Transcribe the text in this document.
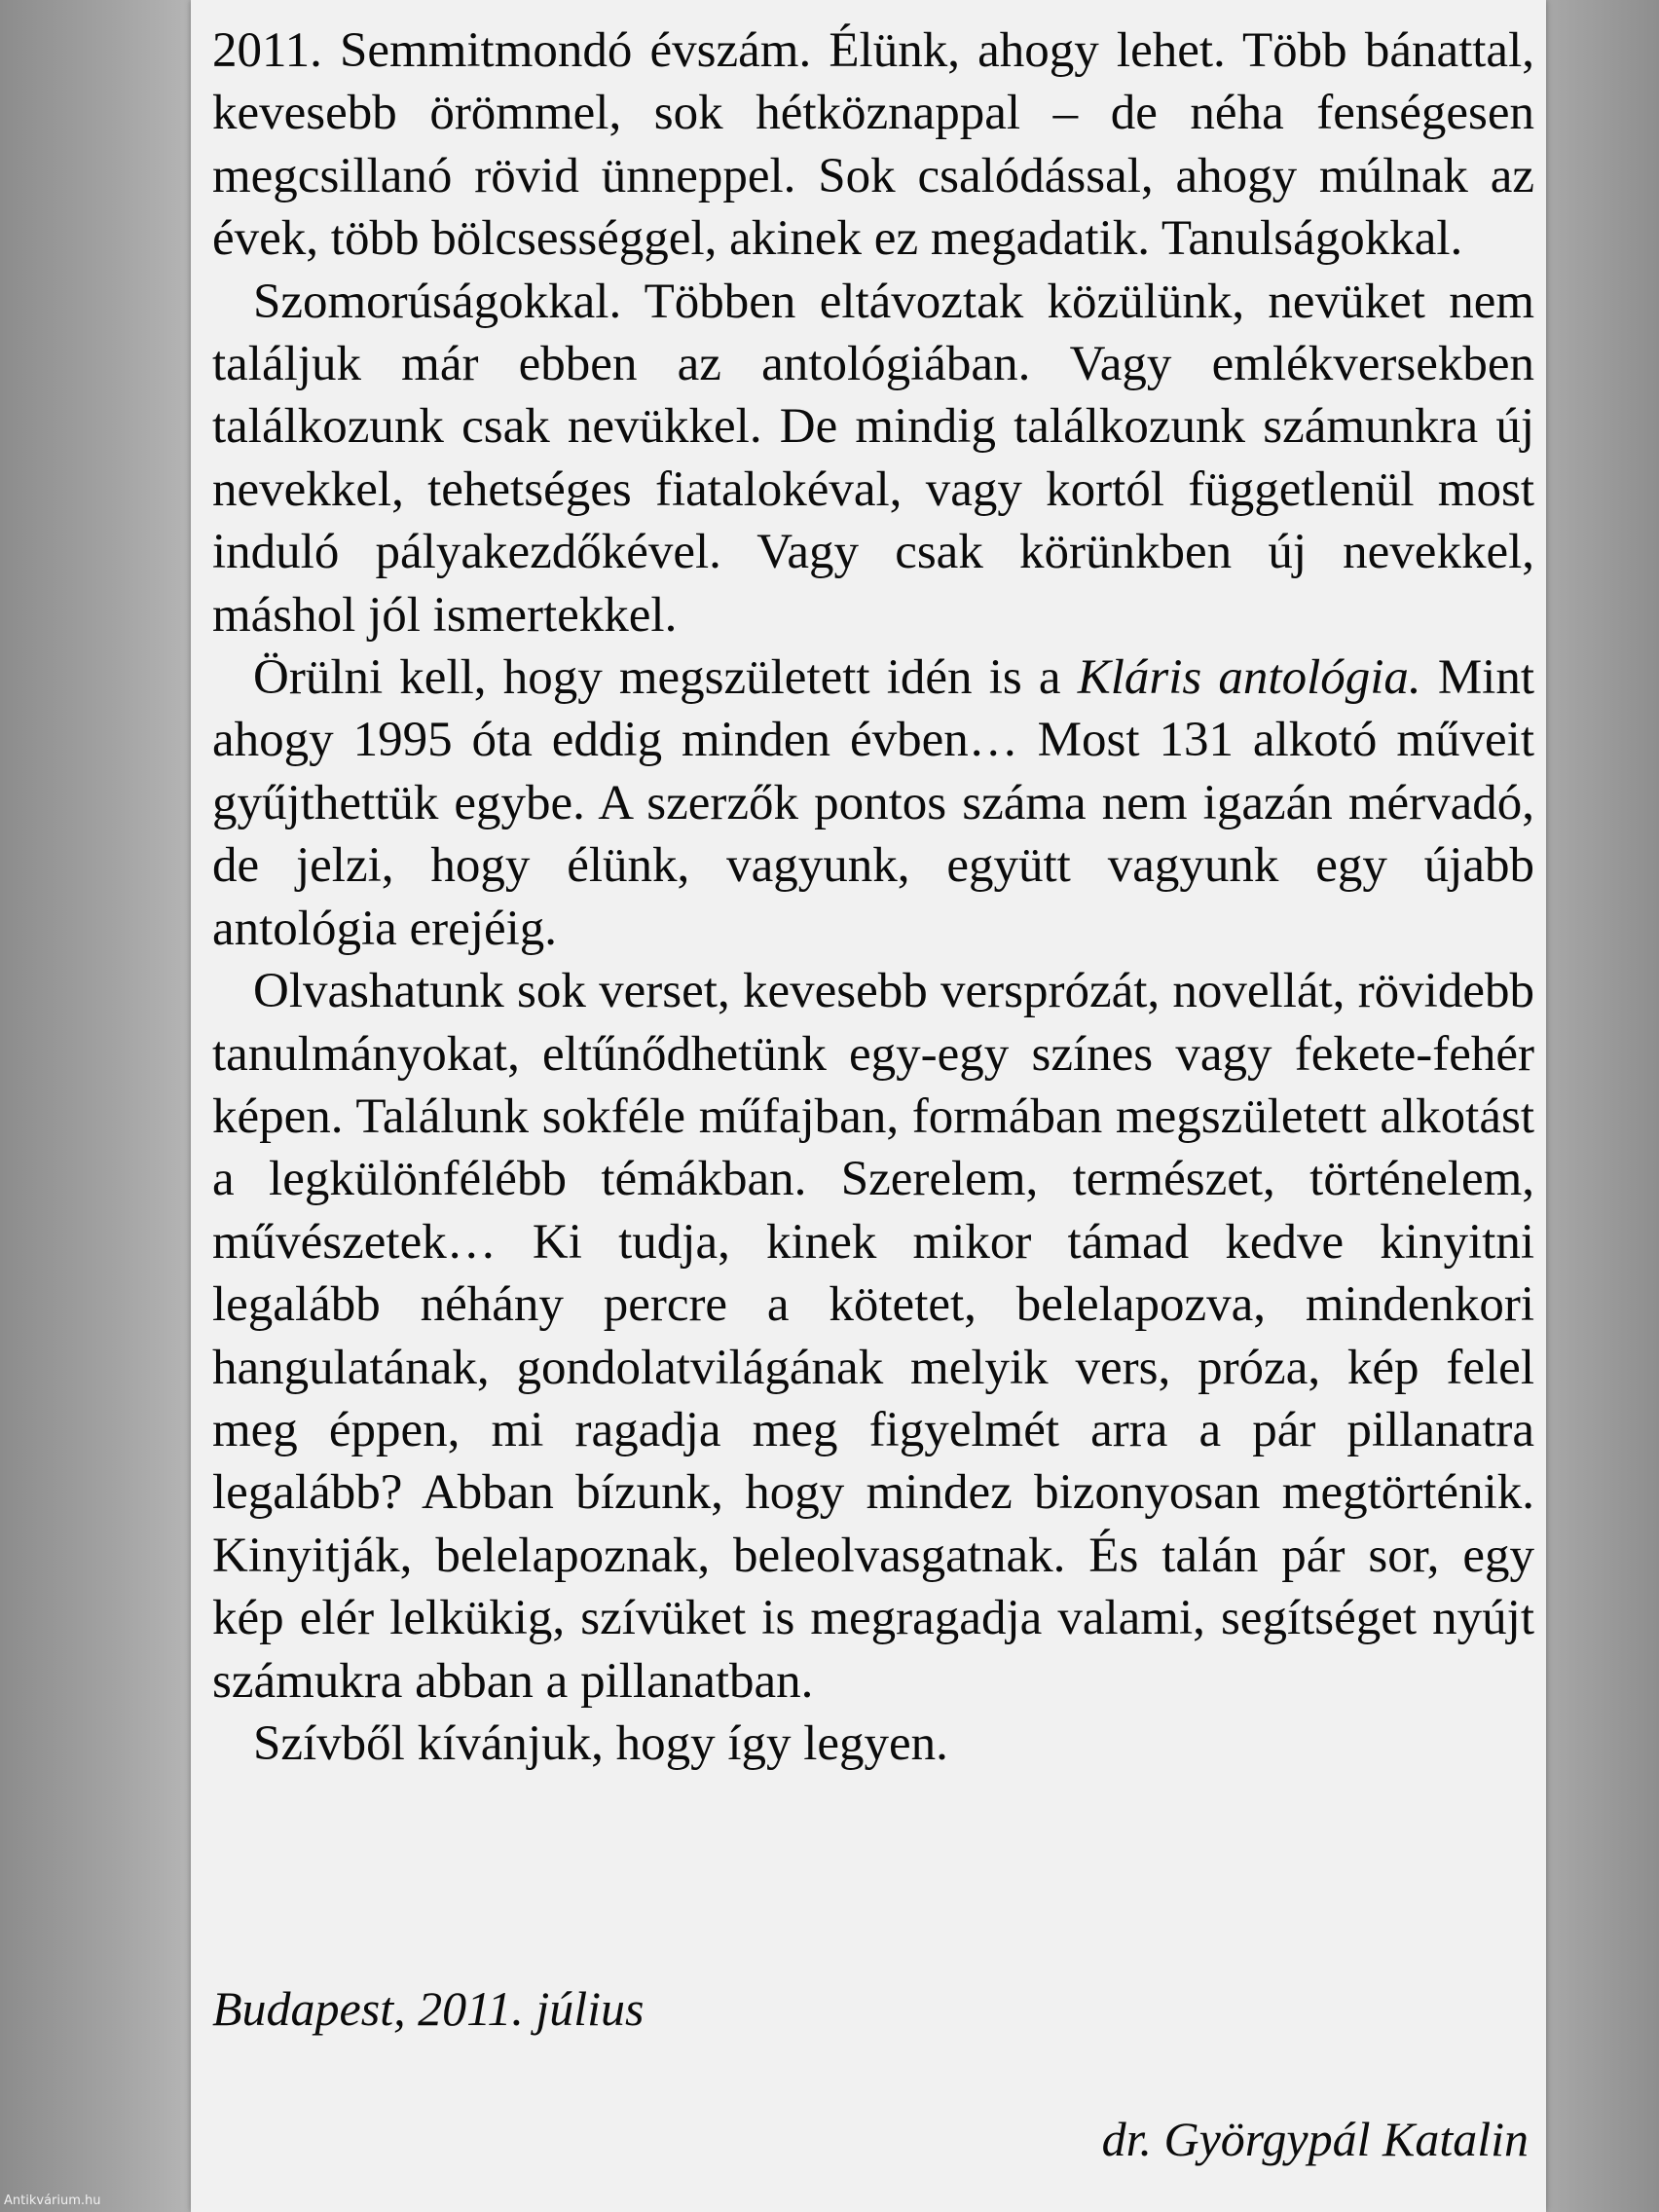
2011. Semmitmondó évszám. Élünk, ahogy lehet. Több bánattal, kevesebb örömmel, sok hétköznappal – de néha fenségesen megcsillanó rövid ünneppel. Sok csalódással, ahogy múlnak az évek, több bölcsességgel, akinek ez megadatik. Tanulságokkal.

Szomorúságokkal. Többen eltávoztak közülünk, nevüket nem találjuk már ebben az antológiában. Vagy emlékversekben találkozunk csak nevükkel. De mindig találkozunk számunkra új nevekkel, tehetséges fiatalokéval, vagy kortól függetlenül most induló pályakezdőkével. Vagy csak körünkben új nevekkel, máshol jól ismertekkel.

Örülni kell, hogy megszületett idén is a Kláris antológia. Mint ahogy 1995 óta eddig minden évben… Most 131 alkotó műveit gyűjthettük egybe. A szerzők pontos száma nem igazán mérvadó, de jelzi, hogy élünk, vagyunk, együtt vagyunk egy újabb antológia erejéig.

Olvashatunk sok verset, kevesebb versprózát, novellát, rövidebb tanulmányokat, eltűnődhetünk egy-egy színes vagy fekete-fehér képen. Találunk sokféle műfajban, formában megszületett alkotást a legkülönfélébb témákban. Szerelem, természet, történelem, művészetek… Ki tudja, kinek mikor támad kedve kinyitni legalább néhány percre a kötetet, belelapozva, mindenkori hangulatának, gondolatvilágának melyik vers, próza, kép felel meg éppen, mi ragadja meg figyelmét arra a pár pillanatra legalább? Abban bízunk, hogy mindez bizonyosan megtörténik. Kinyitják, belelapoznak, beleolvasgatnak. És talán pár sor, egy kép elér lelkükig, szívüket is megragadja valami, segítséget nyújt számukra abban a pillanatban.

Szívből kívánjuk, hogy így legyen.

Budapest, 2011. július
dr. Györgypál Katalin
Antikvárium.hu
